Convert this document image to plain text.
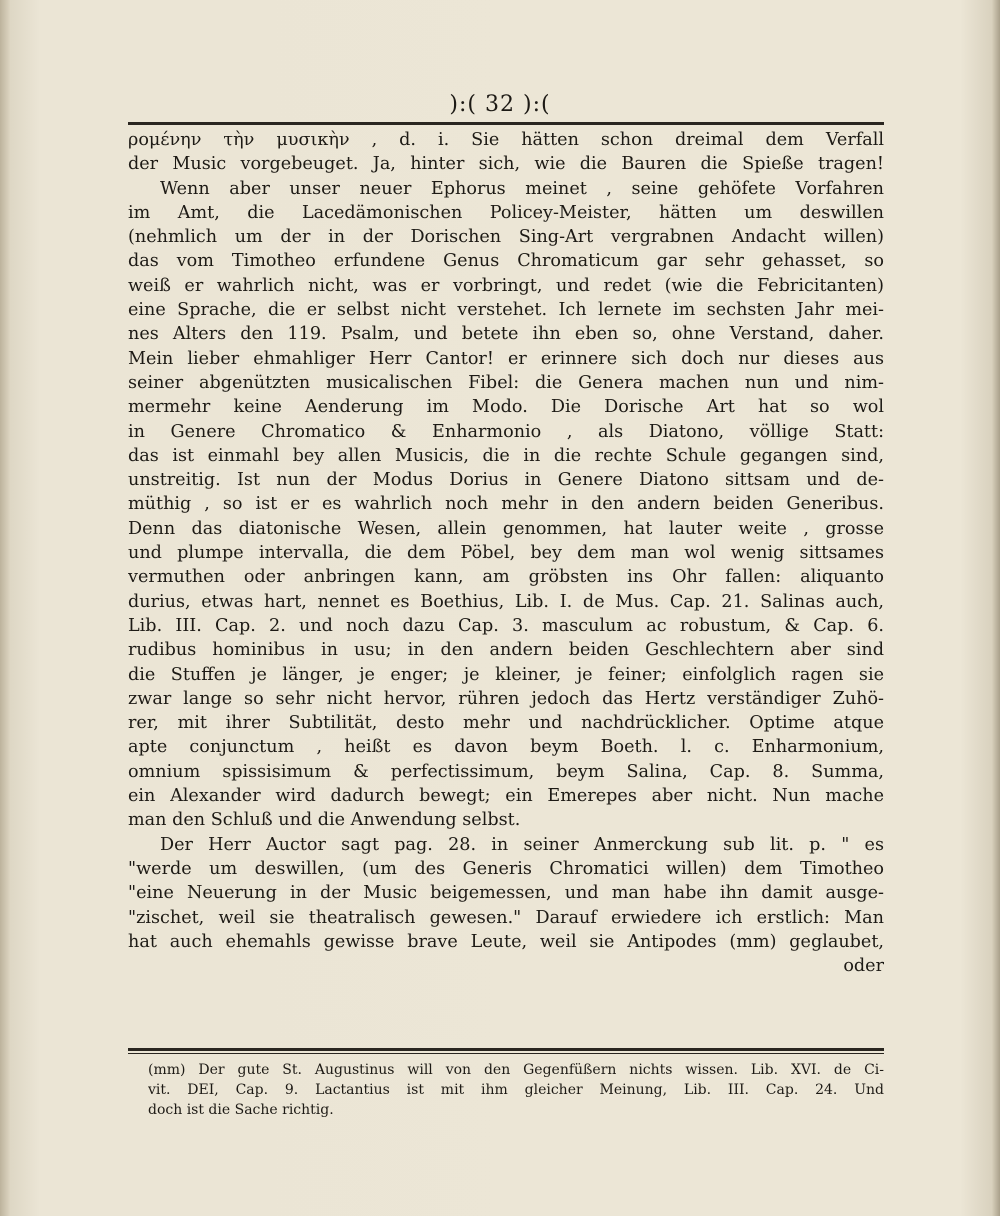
):( 32 ):(
ρομένην τὴν μυσικὴν , d. i. Sie hätten schon dreimal dem Verfall
der Music vorgebeuget. Ja, hinter sich, wie die Bauren die Spieße tragen!
Wenn aber unser neuer Ephorus meinet , seine gehöfete Vorfahren
im Amt, die Lacedämonischen Policey-Meister, hätten um deswillen
(nehmlich um der in der Dorischen Sing-Art vergrabnen Andacht willen)
das vom Timotheo erfundene Genus Chromaticum gar sehr gehasset, so
weiß er wahrlich nicht, was er vorbringt, und redet (wie die Febricitanten)
eine Sprache, die er selbst nicht verstehet. Ich lernete im sechsten Jahr mei-
nes Alters den 119. Psalm, und betete ihn eben so, ohne Verstand, daher.
Mein lieber ehmahliger Herr Cantor! er erinnere sich doch nur dieses aus
seiner abgenützten musicalischen Fibel: die Genera machen nun und nim-
mermehr keine Aenderung im Modo. Die Dorische Art hat so wol
in Genere Chromatico & Enharmonio , als Diatono, völlige Statt:
das ist einmahl bey allen Musicis, die in die rechte Schule gegangen sind,
unstreitig. Ist nun der Modus Dorius in Genere Diatono sittsam und de-
müthig , so ist er es wahrlich noch mehr in den andern beiden Generibus.
Denn das diatonische Wesen, allein genommen, hat lauter weite , grosse
und plumpe intervalla, die dem Pöbel, bey dem man wol wenig sittsames
vermuthen oder anbringen kann, am gröbsten ins Ohr fallen: aliquanto
durius, etwas hart, nennet es Boethius, Lib. I. de Mus. Cap. 21. Salinas auch,
Lib. III. Cap. 2. und noch dazu Cap. 3. masculum ac robustum, & Cap. 6.
rudibus hominibus in usu; in den andern beiden Geschlechtern aber sind
die Stuffen je länger, je enger; je kleiner, je feiner; einfolglich ragen sie
zwar lange so sehr nicht hervor, rühren jedoch das Hertz verständiger Zuhö-
rer, mit ihrer Subtilität, desto mehr und nachdrücklicher. Optime atque
apte conjunctum , heißt es davon beym Boeth. l. c. Enharmonium,
omnium spissisimum & perfectissimum, beym Salina, Cap. 8. Summa,
ein Alexander wird dadurch bewegt; ein Emerepes aber nicht. Nun mache
man den Schluß und die Anwendung selbst.
Der Herr Auctor sagt pag. 28. in seiner Anmerckung sub lit. p. " es
"werde um deswillen, (um des Generis Chromatici willen) dem Timotheo
"eine Neuerung in der Music beigemessen, und man habe ihn damit ausge-
"zischet, weil sie theatralisch gewesen." Darauf erwiedere ich erstlich: Man
hat auch ehemahls gewisse brave Leute, weil sie Antipodes (mm) geglaubet,
oder
(mm) Der gute St. Augustinus will von den Gegenfüßern nichts wissen. Lib. XVI. de Ci-
vit. DEI, Cap. 9. Lactantius ist mit ihm gleicher Meinung, Lib. III. Cap. 24. Und
doch ist die Sache richtig.
